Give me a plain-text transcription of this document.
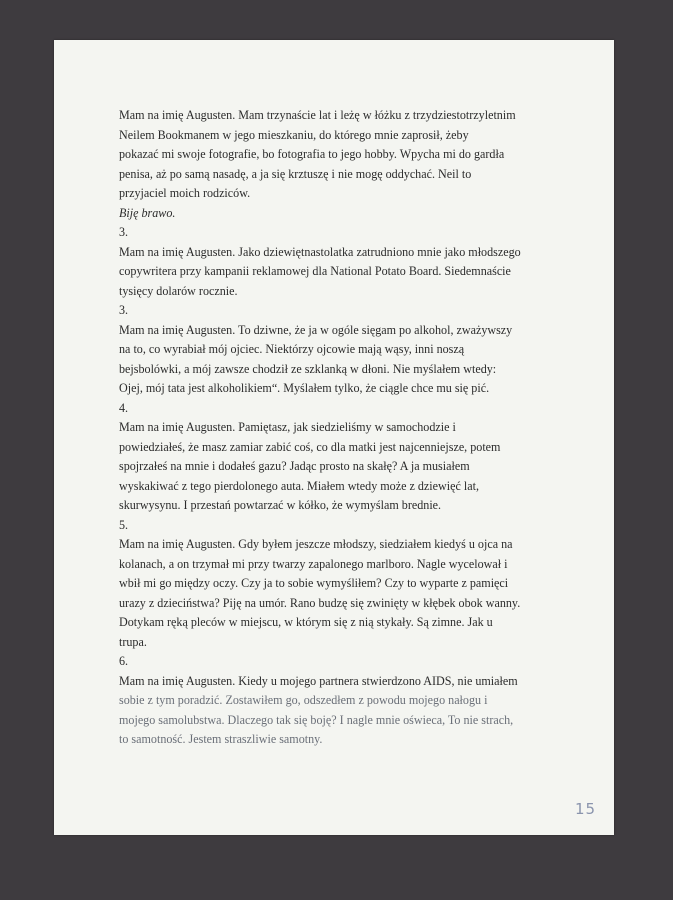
Mam na imię Augusten. Mam trzynaście lat i leżę w łóżku z trzydziestotrzyletnim
Neilem Bookmanem w jego mieszkaniu, do którego mnie zaprosił, żeby
pokazać mi swoje fotografie, bo fotografia to jego hobby. Wpycha mi do gardła
penisa, aż po samą nasadę, a ja się krztuszę i nie mogę oddychać. Neil to
przyjaciel moich rodziców.
Biję brawo.
3.
Mam na imię Augusten. Jako dziewiętnastolatka zatrudniono mnie jako młodszego
copywritera przy kampanii reklamowej dla National Potato Board. Siedemnaście
tysięcy dolarów rocznie.
3.
Mam na imię Augusten. To dziwne, że ja w ogóle sięgam po alkohol, zważywszy
na to, co wyrabiał mój ojciec. Niektórzy ojcowie mają wąsy, inni noszą
bejsbolówki, a mój zawsze chodził ze szklanką w dłoni. Nie myślałem wtedy:
Ojej, mój tata jest alkoholikiem“. Myślałem tylko, że ciągle chce mu się pić.
4.
Mam na imię Augusten. Pamiętasz, jak siedzieliśmy w samochodzie i
powiedziałeś, że masz zamiar zabić coś, co dla matki jest najcenniejsze, potem
spojrzałeś na mnie i dodałeś gazu? Jadąc prosto na skałę? A ja musiałem
wyskakiwać z tego pierdolonego auta. Miałem wtedy może z dziewięć lat,
skurwysynu. I przestań powtarzać w kółko, że wymyślam brednie.
5.
Mam na imię Augusten. Gdy byłem jeszcze młodszy, siedziałem kiedyś u ojca na
kolanach, a on trzymał mi przy twarzy zapalonego marlboro. Nagle wycelował i
wbił mi go między oczy. Czy ja to sobie wymyśliłem? Czy to wyparte z pamięci
urazy z dzieciństwa? Piję na umór. Rano budzę się zwinięty w kłębek obok wanny.
Dotykam ręką pleców w miejscu, w którym się z nią stykały. Są zimne. Jak u
trupa.
6.
Mam na imię Augusten. Kiedy u mojego partnera stwierdzono AIDS, nie umiałem
sobie z tym poradzić. Zostawiłem go, odszedłem z powodu mojego nałogu i
mojego samolubstwa. Dlaczego tak się boję? I nagle mnie oświeca, To nie strach,
to samotność. Jestem straszliwie samotny.
15
